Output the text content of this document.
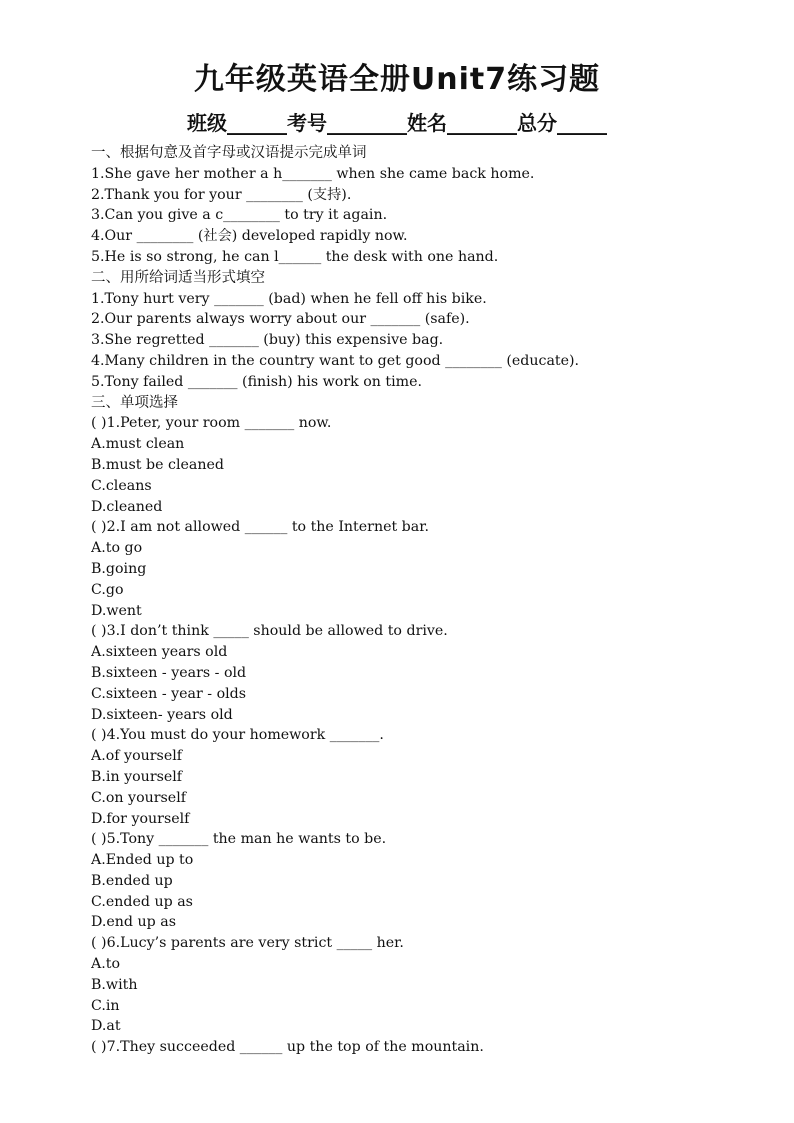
九年级英语全册Unit7练习题
班级______考号________姓名_______总分_____
一、根据句意及首字母或汉语提示完成单词
1.She gave her mother a h_______ when she came back home.
2.Thank you for your ________ (支持).
3.Can you give a c________ to try it again.
4.Our ________ (社会) developed rapidly now.
5.He is so strong, he can l______ the desk with one hand.
二、用所给词适当形式填空
1.Tony hurt very _______ (bad) when he fell off his bike.
2.Our parents always worry about our _______ (safe).
3.She regretted _______ (buy) this expensive bag.
4.Many children in the country want to get good ________ (educate).
5.Tony failed _______ (finish) his work on time.
三、单项选择
( )1.Peter, your room _______ now.
A.must clean
B.must be cleaned
C.cleans
D.cleaned
( )2.I am not allowed ______ to the Internet bar.
A.to go
B.going
C.go
D.went
( )3.I don’t think _____ should be allowed to drive.
A.sixteen years old
B.sixteen - years - old
C.sixteen - year - olds
D.sixteen- years old
( )4.You must do your homework _______.
A.of yourself
B.in yourself
C.on yourself
D.for yourself
( )5.Tony _______ the man he wants to be.
A.Ended up to
B.ended up
C.ended up as
D.end up as
( )6.Lucy’s parents are very strict _____ her.
A.to
B.with
C.in
D.at
( )7.They succeeded ______ up the top of the mountain.
